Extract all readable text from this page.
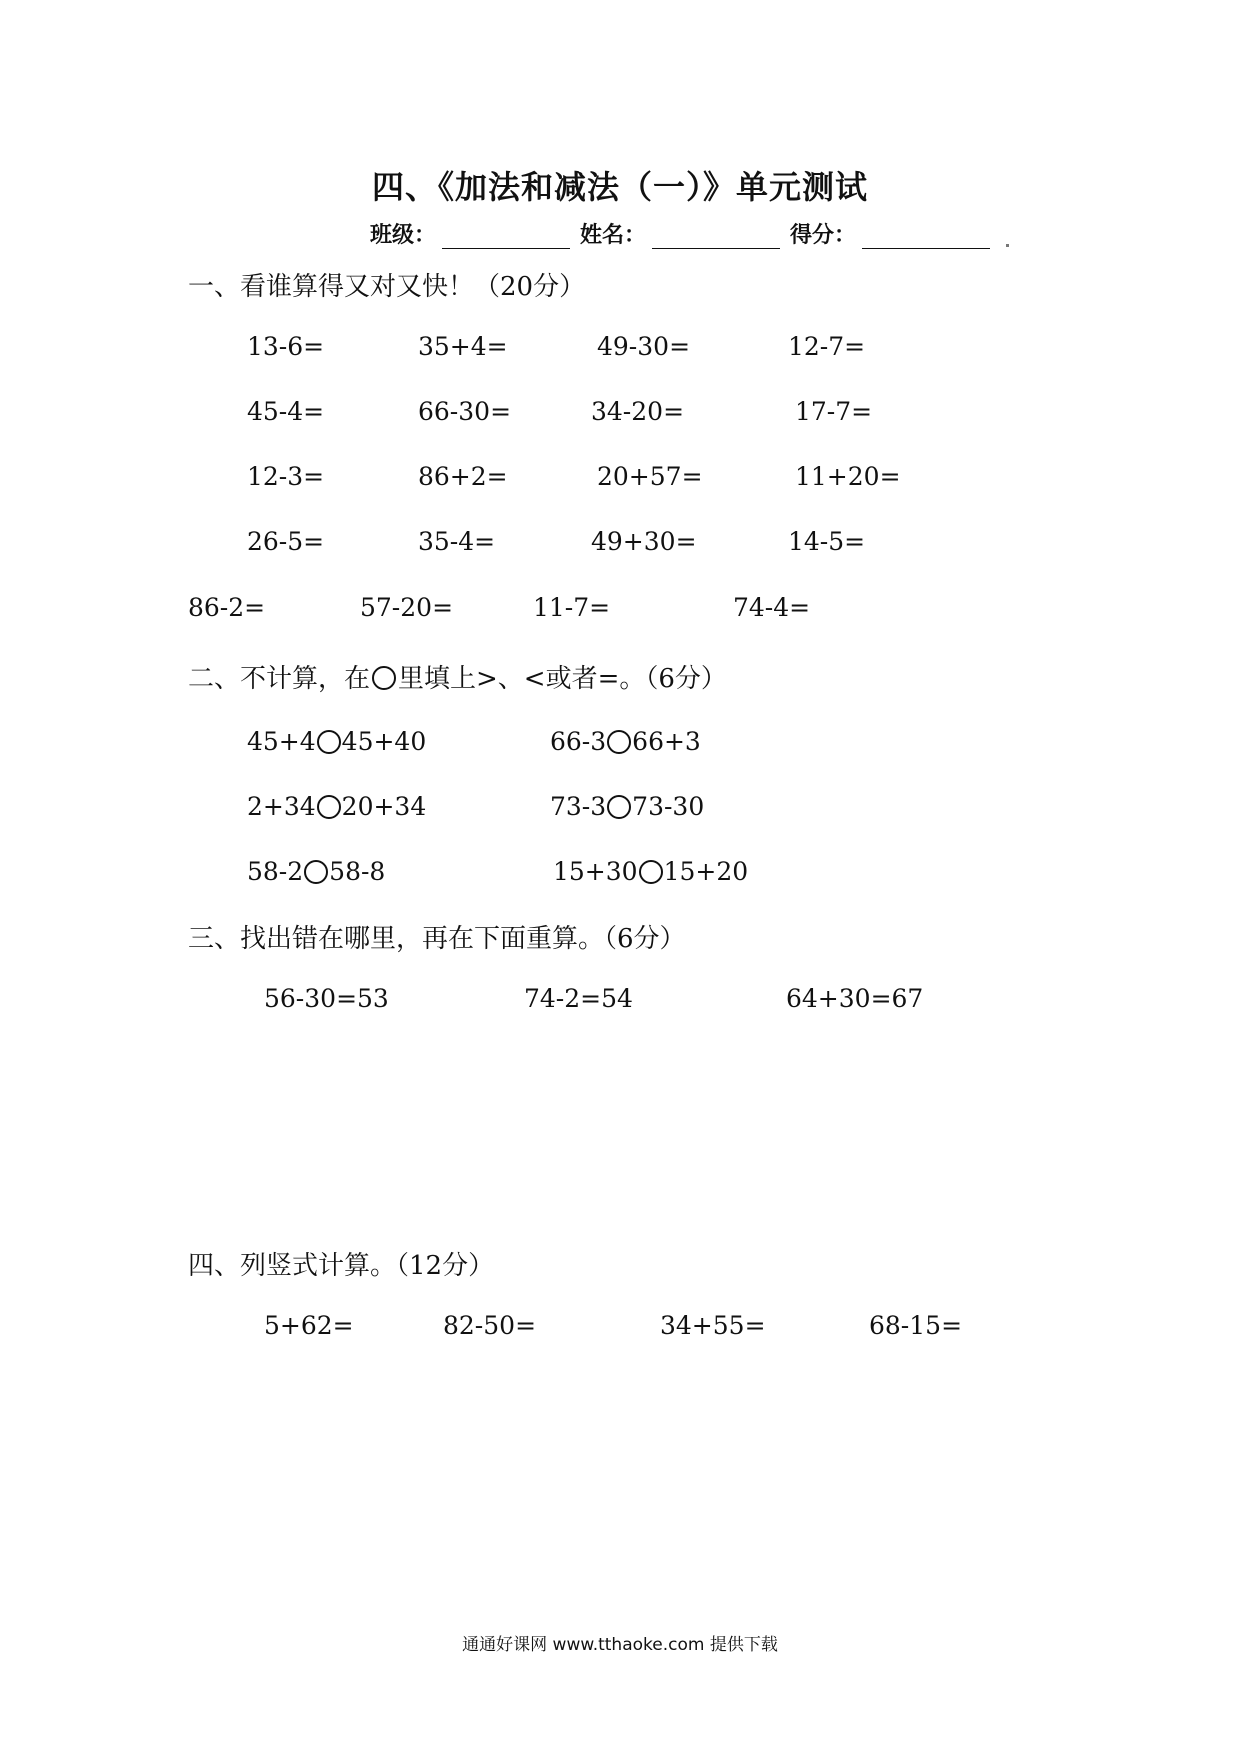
四、《加法和减法（一）》单元测试
班级：	姓名：	得分：
一、看谁算得又对又快！（20分）
13-6=	35+4=	49-30=	12-7=
45-4=	66-30=	34-20=	17-7=
12-3=	86+2=	20+57=	11+20=
26-5=	35-4=	49+30=	14-5=
86-2=	57-20=	11-7=	74-4=
二、不计算，在 里填上>、<或者=。（6分）
45+4 45+40	66-3 66+3
2+34 20+34	73-3 73-30
58-2 58-8	15+30 15+20
三、找出错在哪里，再在下面重算。（6分）
56-30=53	74-2=54	64+30=67
四、列竖式计算。（12分）
5+62=	82-50=	34+55=	68-15=
通通好课网 www.tthaoke.com 提供下载
